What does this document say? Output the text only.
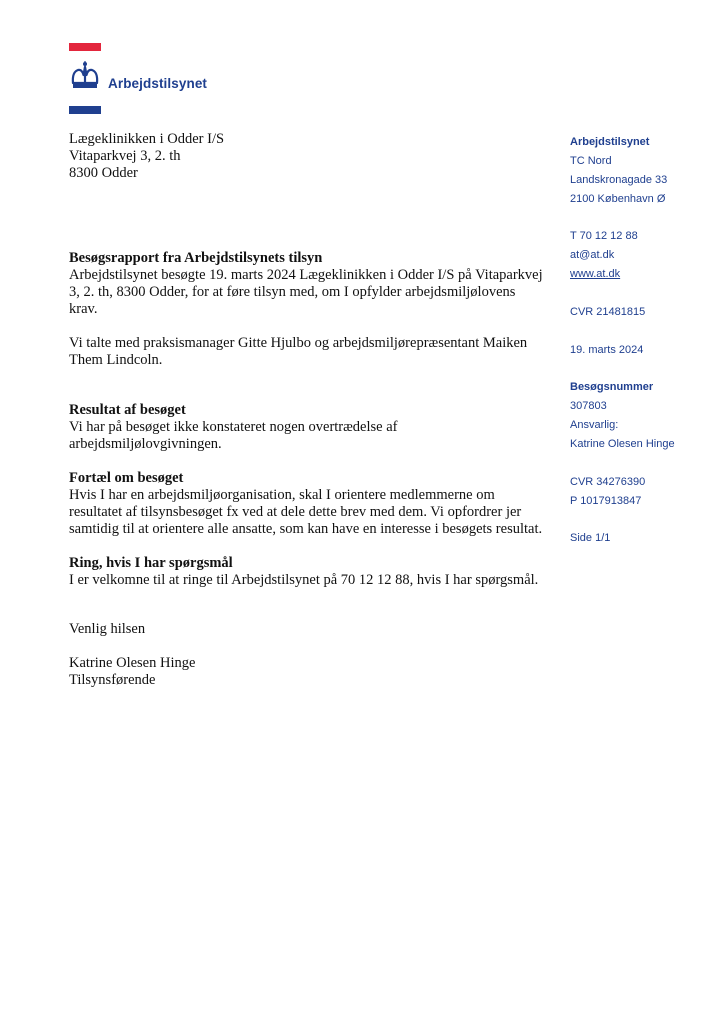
Arbejdstilsynet
Lægeklinikken i Odder I/S
Vitaparkvej 3, 2. th
8300 Odder
Besøgsrapport fra Arbejdstilsynets tilsyn
Arbejdstilsynet besøgte 19. marts 2024 Lægeklinikken i Odder I/S på Vitaparkvej
3, 2. th, 8300 Odder, for at føre tilsyn med, om I opfylder arbejdsmiljølovens
krav.
Vi talte med praksismanager Gitte Hjulbo og arbejdsmiljørepræsentant Maiken
Them Lindcoln.
Resultat af besøget
Vi har på besøget ikke konstateret nogen overtrædelse af
arbejdsmiljølovgivningen.
Fortæl om besøget
Hvis I har en arbejdsmiljøorganisation, skal I orientere medlemmerne om
resultatet af tilsynsbesøget fx ved at dele dette brev med dem. Vi opfordrer jer
samtidig til at orientere alle ansatte, som kan have en interesse i besøgets resultat.
Ring, hvis I har spørgsmål
I er velkomne til at ringe til Arbejdstilsynet på 70 12 12 88, hvis I har spørgsmål.
Venlig hilsen
Katrine Olesen Hinge
Tilsynsførende
Arbejdstilsynet
TC Nord
Landskronagade 33
2100 København Ø
T 70 12 12 88
at@at.dk
www.at.dk
CVR 21481815
19. marts 2024
Besøgsnummer
307803
Ansvarlig:
Katrine Olesen Hinge
CVR 34276390
P 1017913847
Side 1/1
